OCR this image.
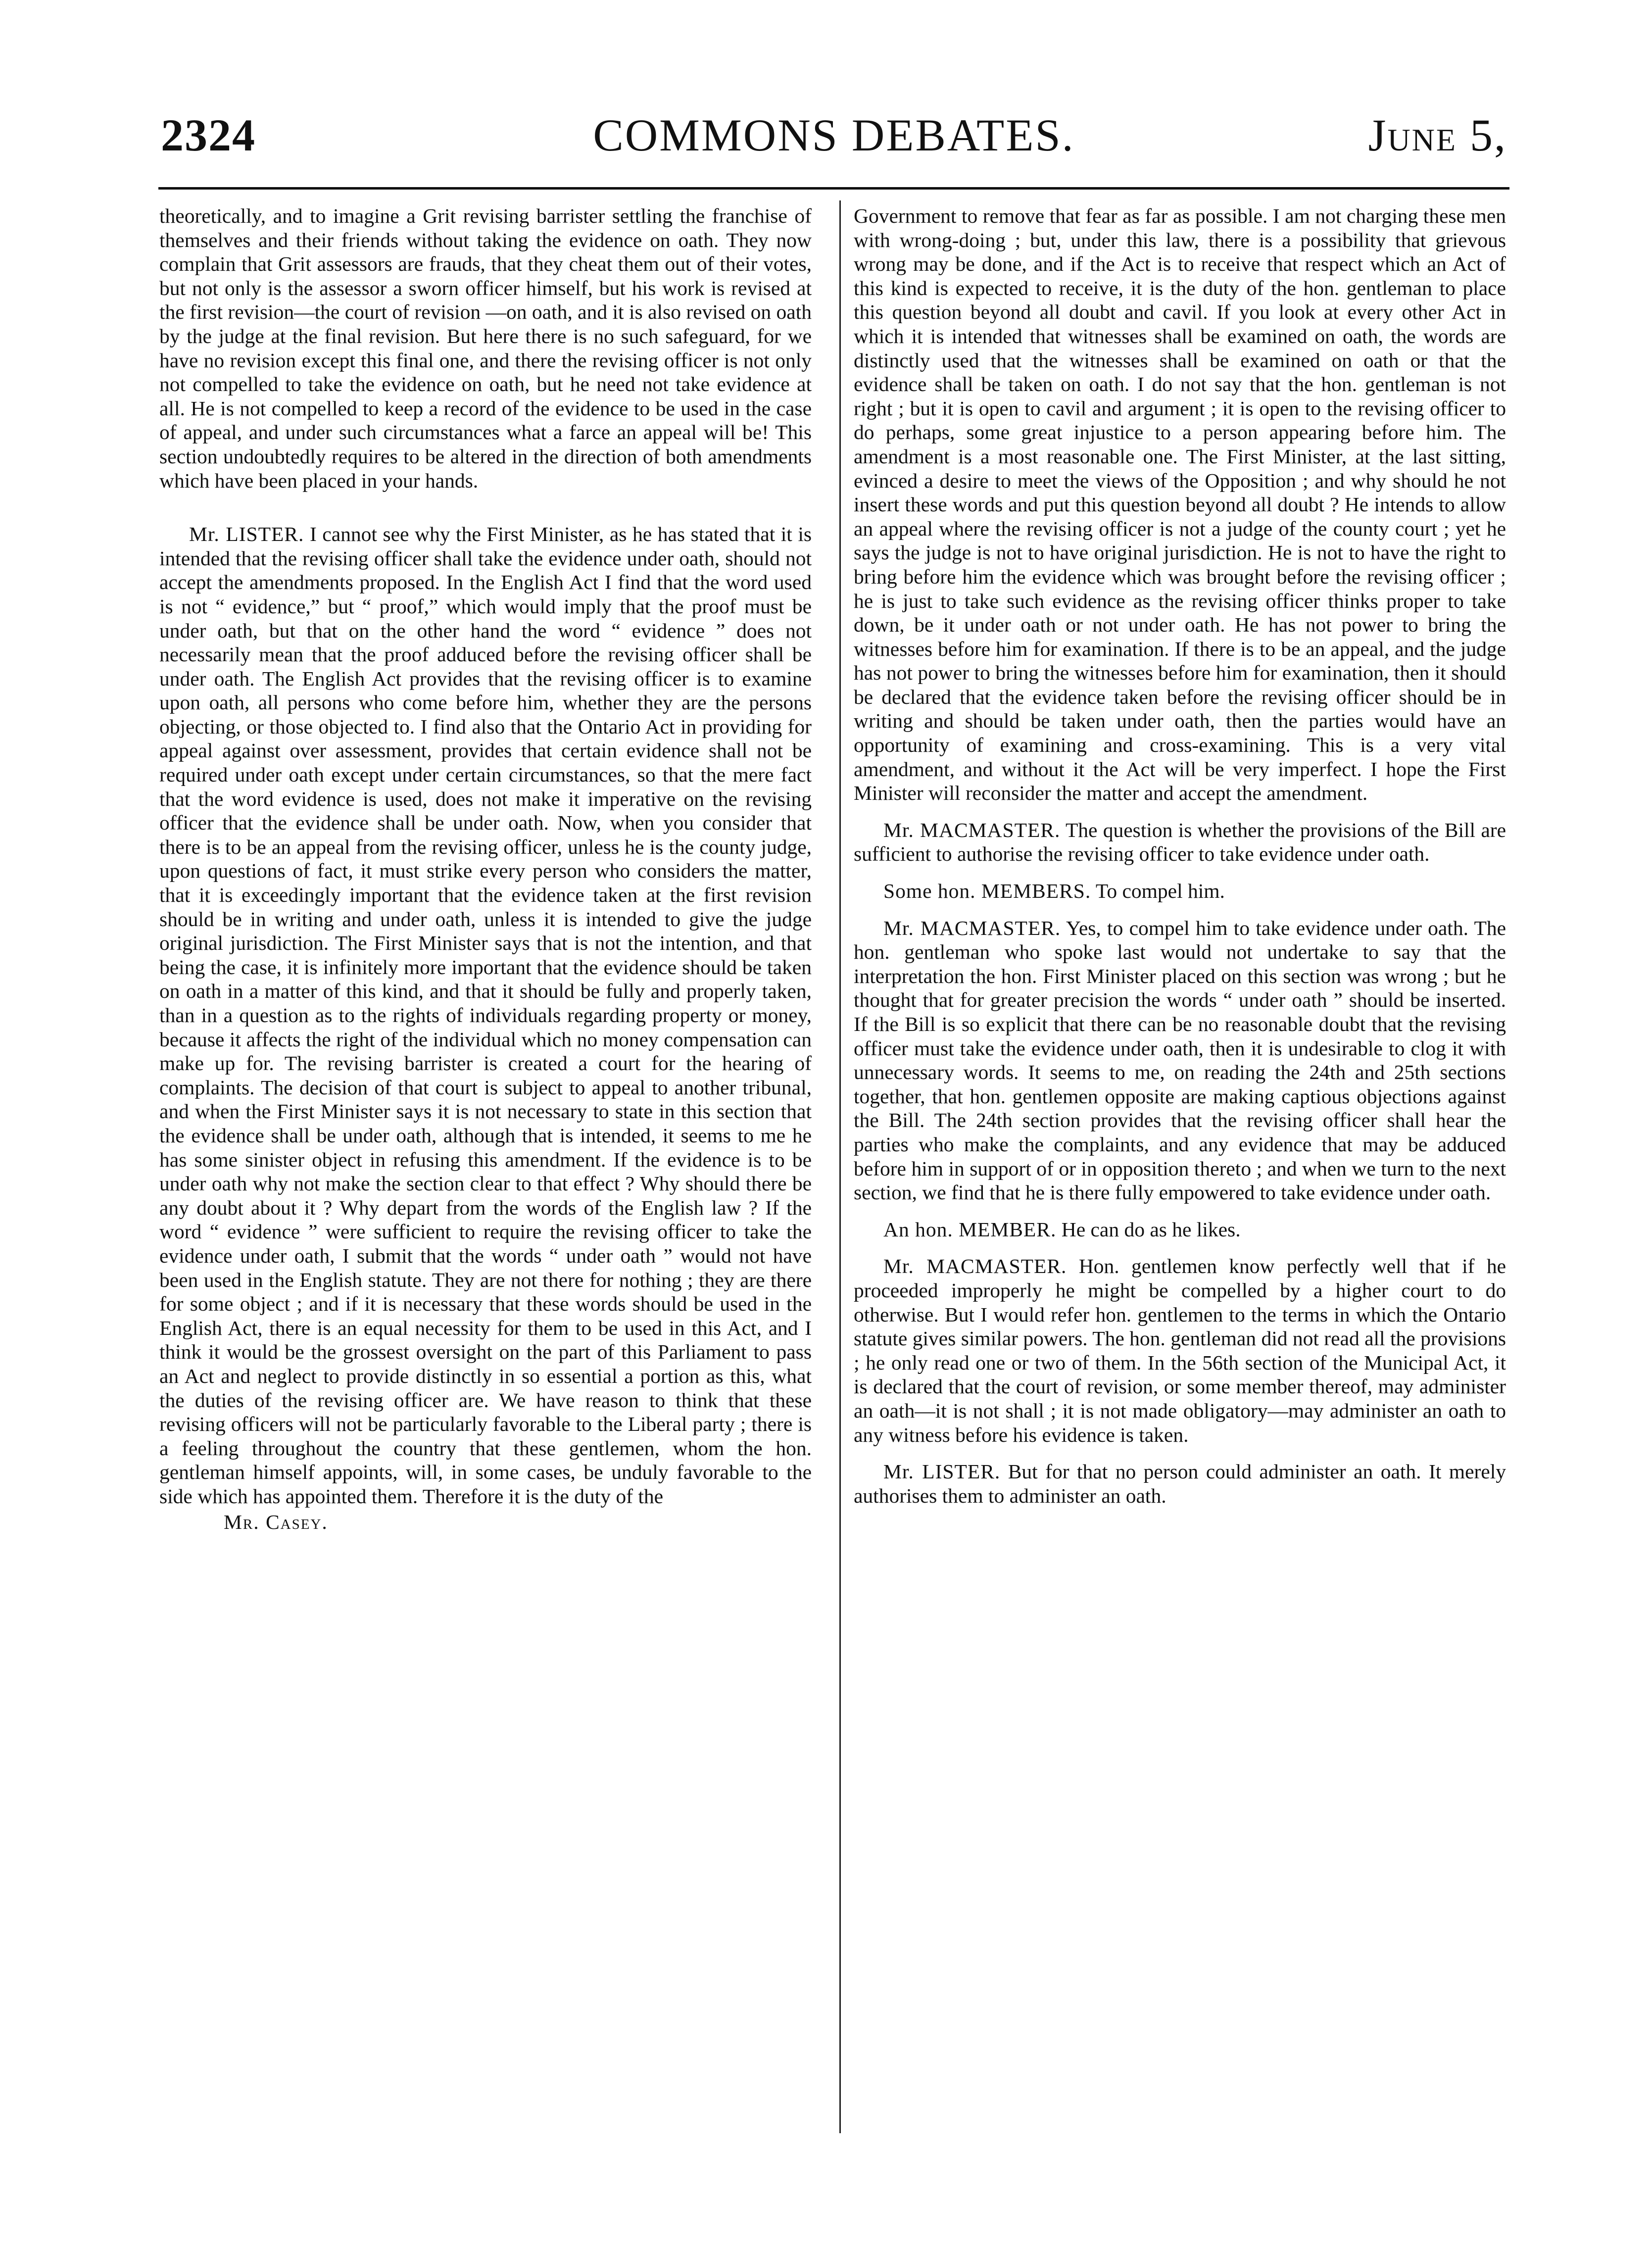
2324	COMMONS DEBATES.	June 5,

theoretically, and to imagine a Grit revising barrister settling the franchise of themselves and their friends without taking the evidence on oath. They now complain that Grit assessors are frauds, that they cheat them out of their votes, but not only is the assessor a sworn officer himself, but his work is revised at the first revision—the court of revision —on oath, and it is also revised on oath by the judge at the final revision. But here there is no such safeguard, for we have no revision except this final one, and there the revising officer is not only not compelled to take the evidence on oath, but he need not take evidence at all. He is not compelled to keep a record of the evidence to be used in the case of appeal, and under such circumstances what a farce an appeal will be! This section undoubtedly requires to be altered in the direction of both amendments which have been placed in your hands.

Mr. LISTER. I cannot see why the First Minister, as he has stated that it is intended that the revising officer shall take the evidence under oath, should not accept the amendments proposed. In the English Act I find that the word used is not “ evidence,” but “ proof,” which would imply that the proof must be under oath, but that on the other hand the word “ evidence ” does not necessarily mean that the proof adduced before the revising officer shall be under oath. The English Act provides that the revising officer is to examine upon oath, all persons who come before him, whether they are the persons objecting, or those objected to. I find also that the Ontario Act in providing for appeal against over assessment, provides that certain evidence shall not be required under oath except under certain circumstances, so that the mere fact that the word evidence is used, does not make it imperative on the revising officer that the evidence shall be under oath. Now, when you consider that there is to be an appeal from the revising officer, unless he is the county judge, upon questions of fact, it must strike every person who considers the matter, that it is exceedingly important that the evidence taken at the first revision should be in writing and under oath, unless it is intended to give the judge original jurisdiction. The First Minister says that is not the intention, and that being the case, it is infinitely more important that the evidence should be taken on oath in a matter of this kind, and that it should be fully and properly taken, than in a question as to the rights of individuals regarding property or money, because it affects the right of the individual which no money compensation can make up for. The revising barrister is created a court for the hearing of complaints. The decision of that court is subject to appeal to another tribunal, and when the First Minister says it is not necessary to state in this section that the evidence shall be under oath, although that is intended, it seems to me he has some sinister object in refusing this amendment. If the evidence is to be under oath why not make the section clear to that effect ? Why should there be any doubt about it ? Why depart from the words of the English law ? If the word “ evidence ” were sufficient to require the revising officer to take the evidence under oath, I submit that the words “ under oath ” would not have been used in the English statute. They are not there for nothing ; they are there for some object ; and if it is necessary that these words should be used in the English Act, there is an equal necessity for them to be used in this Act, and I think it would be the grossest oversight on the part of this Parliament to pass an Act and neglect to provide distinctly in so essential a portion as this, what the duties of the revising officer are. We have reason to think that these revising officers will not be particularly favorable to the Liberal party ; there is a feeling throughout the country that these gentlemen, whom the hon. gentleman himself appoints, will, in some cases, be unduly favorable to the side which has appointed them. Therefore it is the duty of the

Mr. Casey.

Government to remove that fear as far as possible. I am not charging these men with wrong-doing ; but, under this law, there is a possibility that grievous wrong may be done, and if the Act is to receive that respect which an Act of this kind is expected to receive, it is the duty of the hon. gentleman to place this question beyond all doubt and cavil. If you look at every other Act in which it is intended that witnesses shall be examined on oath, the words are distinctly used that the witnesses shall be examined on oath or that the evidence shall be taken on oath. I do not say that the hon. gentleman is not right ; but it is open to cavil and argument ; it is open to the revising officer to do perhaps, some great injustice to a person appearing before him. The amendment is a most reasonable one. The First Minister, at the last sitting, evinced a desire to meet the views of the Opposition ; and why should he not insert these words and put this question beyond all doubt ? He intends to allow an appeal where the revising officer is not a judge of the county court ; yet he says the judge is not to have original jurisdiction. He is not to have the right to bring before him the evidence which was brought before the revising officer ; he is just to take such evidence as the revising officer thinks proper to take down, be it under oath or not under oath. He has not power to bring the witnesses before him for examination. If there is to be an appeal, and the judge has not power to bring the witnesses before him for examination, then it should be declared that the evidence taken before the revising officer should be in writing and should be taken under oath, then the parties would have an opportunity of examining and cross-examining. This is a very vital amendment, and without it the Act will be very imperfect. I hope the First Minister will reconsider the matter and accept the amendment.

Mr. MACMASTER. The question is whether the provisions of the Bill are sufficient to authorise the revising officer to take evidence under oath.

Some hon. MEMBERS. To compel him.

Mr. MACMASTER. Yes, to compel him to take evidence under oath. The hon. gentleman who spoke last would not undertake to say that the interpretation the hon. First Minister placed on this section was wrong ; but he thought that for greater precision the words “ under oath ” should be inserted. If the Bill is so explicit that there can be no reasonable doubt that the revising officer must take the evidence under oath, then it is undesirable to clog it with unnecessary words. It seems to me, on reading the 24th and 25th sections together, that hon. gentlemen opposite are making captious objections against the Bill. The 24th section provides that the revising officer shall hear the parties who make the complaints, and any evidence that may be adduced before him in support of or in opposition thereto ; and when we turn to the next section, we find that he is there fully empowered to take evidence under oath.

An hon. MEMBER. He can do as he likes.

Mr. MACMASTER. Hon. gentlemen know perfectly well that if he proceeded improperly he might be compelled by a higher court to do otherwise. But I would refer hon. gentlemen to the terms in which the Ontario statute gives similar powers. The hon. gentleman did not read all the provisions ; he only read one or two of them. In the 56th section of the Municipal Act, it is declared that the court of revision, or some member thereof, may administer an oath—it is not shall ; it is not made obligatory—may administer an oath to any witness before his evidence is taken.

Mr. LISTER. But for that no person could administer an oath. It merely authorises them to administer an oath.
